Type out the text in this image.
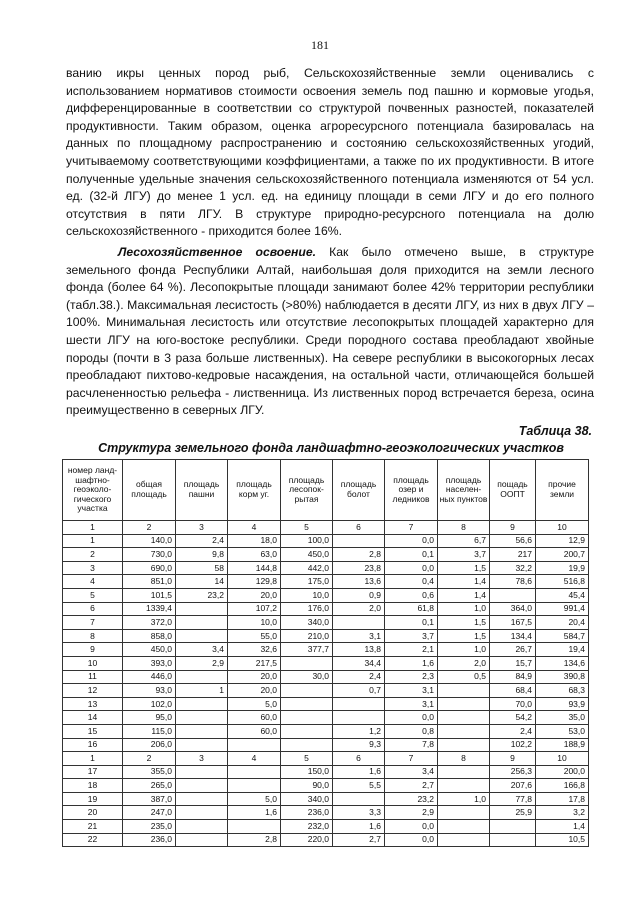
181

ванию икры ценных пород рыб, Сельскохозяйственные земли оценивались с использованием нормативов стоимости освоения земель под пашню и кормовые угодья, дифференцированные в соответствии со структурой почвенных разностей, показателей продуктивности. Таким образом, оценка агроресурсного потенциала базировалась на данных по площадному распространению и состоянию сельскохозяйственных угодий, учитываемому соответствующими коэффициентами, а также по их продуктивности. В итоге полученные удельные значения сельскохозяйственного потенциала изменяются от 54 усл. ед. (32-й ЛГУ) до менее 1 усл. ед. на единицу площади в семи ЛГУ и до его полного отсутствия в пяти ЛГУ. В структуре природно-ресурсного потенциала на долю сельскохозяйственного - приходится более 16%.

Лесохозяйственное освоение. Как было отмечено выше, в структуре земельного фонда Республики Алтай, наибольшая доля приходится на земли лесного фонда (более 64 %). Лесопокрытые площади занимают более 42% территории республики (табл.38.). Максимальная лесистость (>80%) наблюдается в десяти ЛГУ, из них в двух ЛГУ – 100%. Минимальная лесистость или отсутствие лесопокрытых площадей характерно для шести ЛГУ на юго-востоке республики. Среди породного состава преобладают хвойные породы (почти в 3 раза больше лиственных). На севере республики в высокогорных лесах преобладают пихтово-кедровые насаждения, на остальной части, отличающейся большей расчлененностью рельефа - лиственница. Из лиственных пород встречается береза, осина преимущественно в северных ЛГУ.

Таблица 38.
Структура земельного фонда ландшафтно-геоэкологических участков
номер ланд-шафтно-геоэколо-гического участка	общая площадь	площадь пашни	площадь корм уг.	площадь лесопок-рытая	площадь болот	площадь озер и ледников	площадь населен-ных пунктов	пощадь ООПТ	прочие земли
1	2	3	4	5	6	7	8	9	10
1	140,0	2,4	18,0	100,0		0,0	6,7	56,6	12,9
2	730,0	9,8	63,0	450,0	2,8	0,1	3,7	217	200,7
3	690,0	58	144,8	442,0	23,8	0,0	1,5	32,2	19,9
4	851,0	14	129,8	175,0	13,6	0,4	1,4	78,6	516,8
5	101,5	23,2	20,0	10,0	0,9	0,6	1,4		45,4
6	1339,4		107,2	176,0	2,0	61,8	1,0	364,0	991,4
7	372,0		10,0	340,0		0,1	1,5	167,5	20,4
8	858,0		55,0	210,0	3,1	3,7	1,5	134,4	584,7
9	450,0	3,4	32,6	377,7	13,8	2,1	1,0	26,7	19,4
10	393,0	2,9	217,5		34,4	1,6	2,0	15,7	134,6
11	446,0		20,0	30,0	2,4	2,3	0,5	84,9	390,8
12	93,0	1	20,0		0,7	3,1		68,4	68,3
13	102,0		5,0			3,1		70,0	93,9
14	95,0		60,0			0,0		54,2	35,0
15	115,0		60,0		1,2	0,8		2,4	53,0
16	206,0				9,3	7,8		102,2	188,9
1	2	3	4	5	6	7	8	9	10
17	355,0			150,0	1,6	3,4		256,3	200,0
18	265,0			90,0	5,5	2,7		207,6	166,8
19	387,0		5,0	340,0		23,2	1,0	77,8	17,8
20	247,0		1,6	236,0	3,3	2,9		25,9	3,2
21	235,0			232,0	1,6	0,0			1,4
22	236,0		2,8	220,0	2,7	0,0			10,5
